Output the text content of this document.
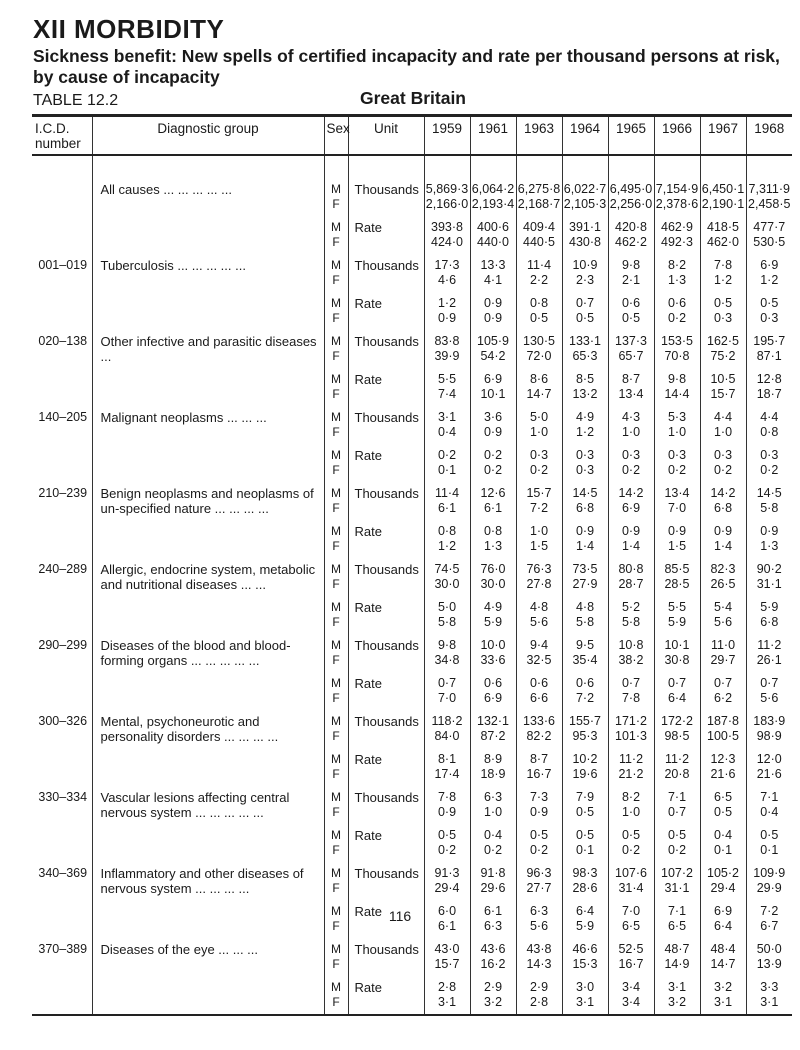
XII MORBIDITY
Sickness benefit: New spells of certified incapacity and rate per thousand persons at risk, by cause of incapacity
Great Britain
TABLE 12.2
I.C.D. number	Diagnostic group	Sex	Unit	1959	1961	1963	1964	1965	1966	1967	1968

	All causes ... ... ... ... ...	M	Thousands	5,869·3	6,064·2	6,275·8	6,022·7	6,495·0	7,154·9	6,450·1	7,311·9
		F		2,166·0	2,193·4	2,168·7	2,105·3	2,256·0	2,378·6	2,190·1	2,458·5
		M	Rate	393·8	400·6	409·4	391·1	420·8	462·9	418·5	477·7
		F		424·0	440·0	440·5	430·8	462·2	492·3	462·0	530·5
001–019	Tuberculosis ... ... ... ... ...	M	Thousands	17·3	13·3	11·4	10·9	9·8	8·2	7·8	6·9
		F		4·6	4·1	2·2	2·3	2·1	1·3	1·2	1·2
		M	Rate	1·2	0·9	0·8	0·7	0·6	0·6	0·5	0·5
		F		0·9	0·9	0·5	0·5	0·5	0·2	0·3	0·3
020–138	Other infective and parasitic diseases ...	M	Thousands	83·8	105·9	130·5	133·1	137·3	153·5	162·5	195·7
		F		39·9	54·2	72·0	65·3	65·7	70·8	75·2	87·1
		M	Rate	5·5	6·9	8·6	8·5	8·7	9·8	10·5	12·8
		F		7·4	10·1	14·7	13·2	13·4	14·4	15·7	18·7
140–205	Malignant neoplasms ... ... ...	M	Thousands	3·1	3·6	5·0	4·9	4·3	5·3	4·4	4·4
		F		0·4	0·9	1·0	1·2	1·0	1·0	1·0	0·8
		M	Rate	0·2	0·2	0·3	0·3	0·3	0·3	0·3	0·3
		F		0·1	0·2	0·2	0·3	0·2	0·2	0·2	0·2
210–239	Benign neoplasms and neoplasms of un-specified nature ... ... ... ...	M	Thousands	11·4	12·6	15·7	14·5	14·2	13·4	14·2	14·5
		F		6·1	6·1	7·2	6·8	6·9	7·0	6·8	5·8
		M	Rate	0·8	0·8	1·0	0·9	0·9	0·9	0·9	0·9
		F		1·2	1·3	1·5	1·4	1·4	1·5	1·4	1·3
240–289	Allergic, endocrine system, metabolic and nutritional diseases ... ...	M	Thousands	74·5	76·0	76·3	73·5	80·8	85·5	82·3	90·2
		F		30·0	30·0	27·8	27·9	28·7	28·5	26·5	31·1
		M	Rate	5·0	4·9	4·8	4·8	5·2	5·5	5·4	5·9
		F		5·8	5·9	5·6	5·8	5·8	5·9	5·6	6·8
290–299	Diseases of the blood and blood-forming organs ... ... ... ... ...	M	Thousands	9·8	10·0	9·4	9·5	10·8	10·1	11·0	11·2
		F		34·8	33·6	32·5	35·4	38·2	30·8	29·7	26·1
		M	Rate	0·7	0·6	0·6	0·6	0·7	0·7	0·7	0·7
		F		7·0	6·9	6·6	7·2	7·8	6·4	6·2	5·6
300–326	Mental, psychoneurotic and personality disorders ... ... ... ...	M	Thousands	118·2	132·1	133·6	155·7	171·2	172·2	187·8	183·9
		F		84·0	87·2	82·2	95·3	101·3	98·5	100·5	98·9
		M	Rate	8·1	8·9	8·7	10·2	11·2	11·2	12·3	12·0
		F		17·4	18·9	16·7	19·6	21·2	20·8	21·6	21·6
330–334	Vascular lesions affecting central nervous system ... ... ... ... ...	M	Thousands	7·8	6·3	7·3	7·9	8·2	7·1	6·5	7·1
		F		0·9	1·0	0·9	0·5	1·0	0·7	0·5	0·4
		M	Rate	0·5	0·4	0·5	0·5	0·5	0·5	0·4	0·5
		F		0·2	0·2	0·2	0·1	0·2	0·2	0·1	0·1
340–369	Inflammatory and other diseases of nervous system ... ... ... ...	M	Thousands	91·3	91·8	96·3	98·3	107·6	107·2	105·2	109·9
		F		29·4	29·6	27·7	28·6	31·4	31·1	29·4	29·9
		M	Rate	6·0	6·1	6·3	6·4	7·0	7·1	6·9	7·2
		F		6·1	6·3	5·6	5·9	6·5	6·5	6·4	6·7
370–389	Diseases of the eye ... ... ...	M	Thousands	43·0	43·6	43·8	46·6	52·5	48·7	48·4	50·0
		F		15·7	16·2	14·3	15·3	16·7	14·9	14·7	13·9
		M	Rate	2·8	2·9	2·9	3·0	3·4	3·1	3·2	3·3
		F		3·1	3·2	2·8	3·1	3·4	3·2	3·1	3·1
116
